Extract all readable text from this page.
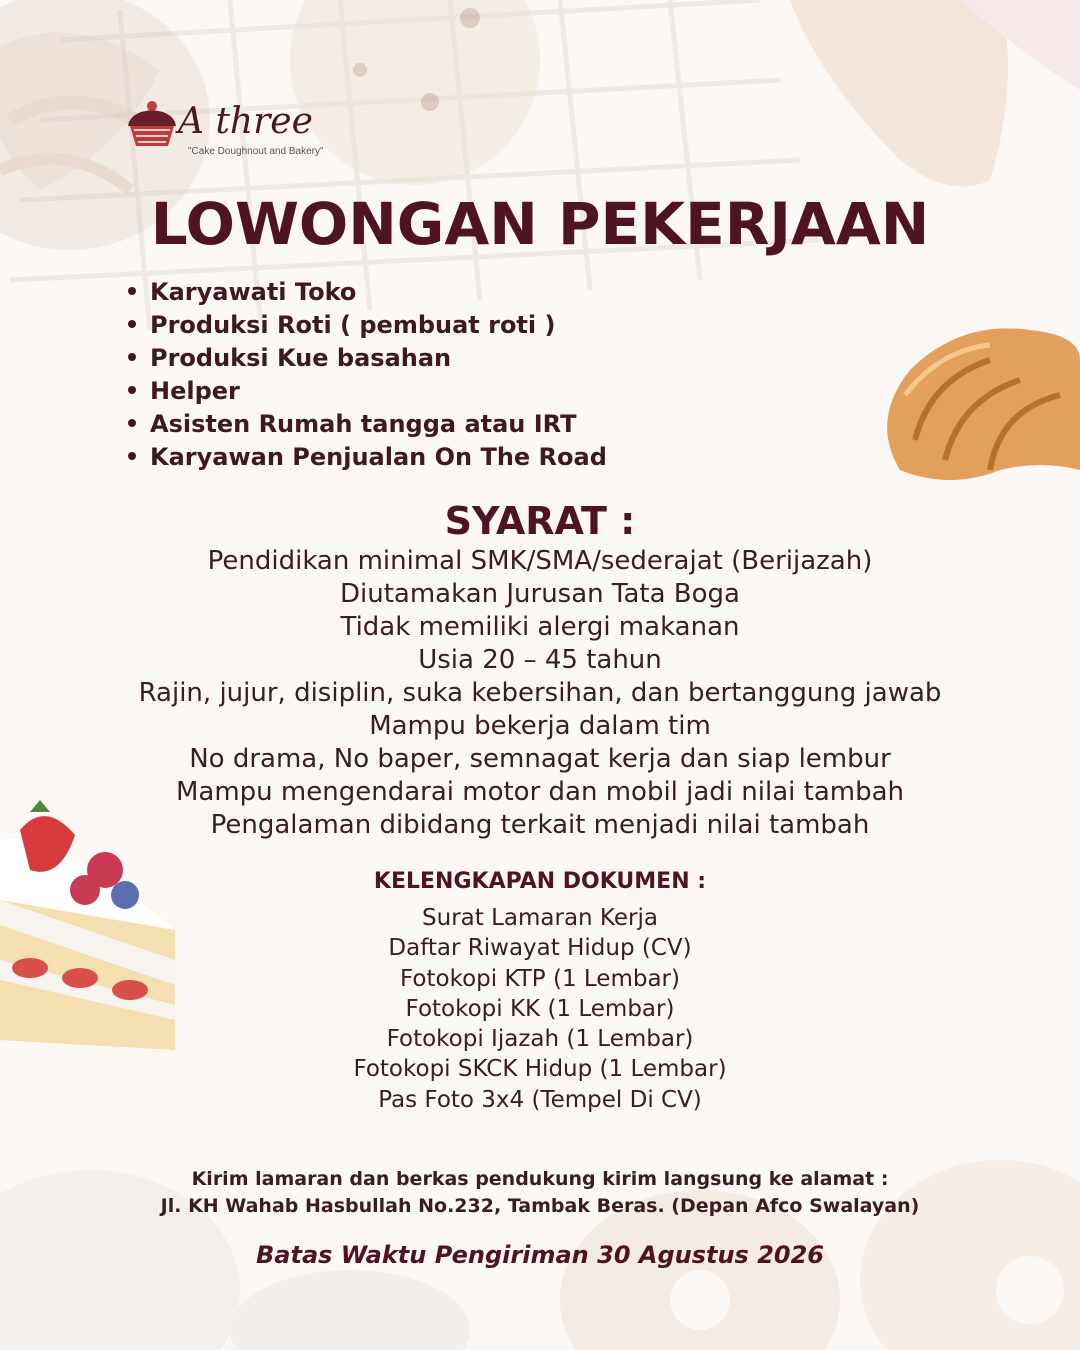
A three
"Cake Doughnout and Bakery"
LOWONGAN PEKERJAAN
Karyawati Toko
Produksi Roti ( pembuat roti )
Produksi Kue basahan
Helper
Asisten Rumah tangga atau IRT
Karyawan Penjualan On The Road
SYARAT :
Pendidikan minimal SMK/SMA/sederajat (Berijazah)
Diutamakan Jurusan Tata Boga
Tidak memiliki alergi makanan
Usia 20 – 45 tahun
Rajin, jujur, disiplin, suka kebersihan, dan bertanggung jawab
Mampu bekerja dalam tim
No drama, No baper, semnagat kerja dan siap lembur
Mampu mengendarai motor dan mobil jadi nilai tambah
Pengalaman dibidang terkait menjadi nilai tambah
KELENGKAPAN DOKUMEN :
Surat Lamaran Kerja
Daftar Riwayat Hidup (CV)
Fotokopi KTP (1 Lembar)
Fotokopi KK (1 Lembar)
Fotokopi Ijazah (1 Lembar)
Fotokopi SKCK Hidup (1 Lembar)
Pas Foto 3x4 (Tempel Di CV)
Kirim lamaran dan berkas pendukung kirim langsung ke alamat :
Jl. KH Wahab Hasbullah No.232, Tambak Beras. (Depan Afco Swalayan)
Batas Waktu Pengiriman 30 Agustus 2026
